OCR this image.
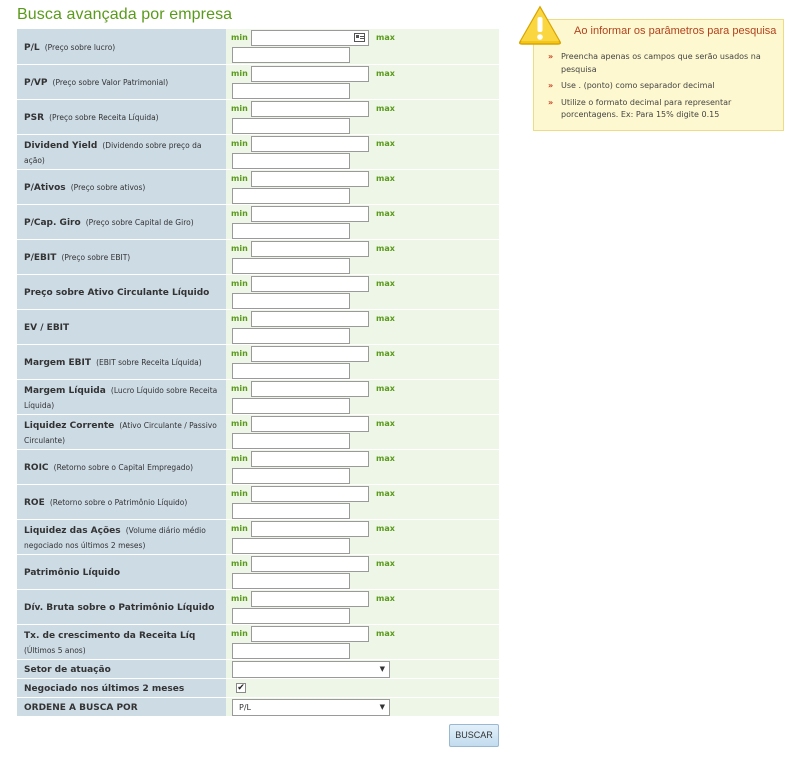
Busca avançada por empresa
P/L (Preço sobre lucro)	min max

P/VP (Preço sobre Valor Patrimonial)	min max

PSR (Preço sobre Receita Líquida)	min max

Dividend Yield (Dividendo sobre preço da ação)	min max

P/Ativos (Preço sobre ativos)	min max

P/Cap. Giro (Preço sobre Capital de Giro)	min max

P/EBIT (Preço sobre EBIT)	min max

Preço sobre Ativo Circulante Líquido	min max

EV / EBIT	min max

Margem EBIT (EBIT sobre Receita Líquida)	min max

Margem Líquida (Lucro Líquido sobre Receita Líquida)	min max

Liquidez Corrente (Ativo Circulante / Passivo Circulante)	min max

ROIC (Retorno sobre o Capital Empregado)	min max

ROE (Retorno sobre o Patrimônio Líquido)	min max

Liquidez das Ações (Volume diário médio negociado nos últimos 2 meses)	min max

Patrimônio Líquido	min max

Dív. Bruta sobre o Patrimônio Líquido	min max

Tx. de crescimento da Receita Líq (Últimos 5 anos)	min max

Setor de atuação	▼

Negociado nos últimos 2 meses	✔

ORDENE A BUSCA POR	P/L ▼
BUSCAR
Ao informar os parâmetros para pesquisa
» Preencha apenas os campos que serão usados na pesquisa
» Use . (ponto) como separador decimal
» Utilize o formato decimal para representar porcentagens. Ex: Para 15% digite 0.15
